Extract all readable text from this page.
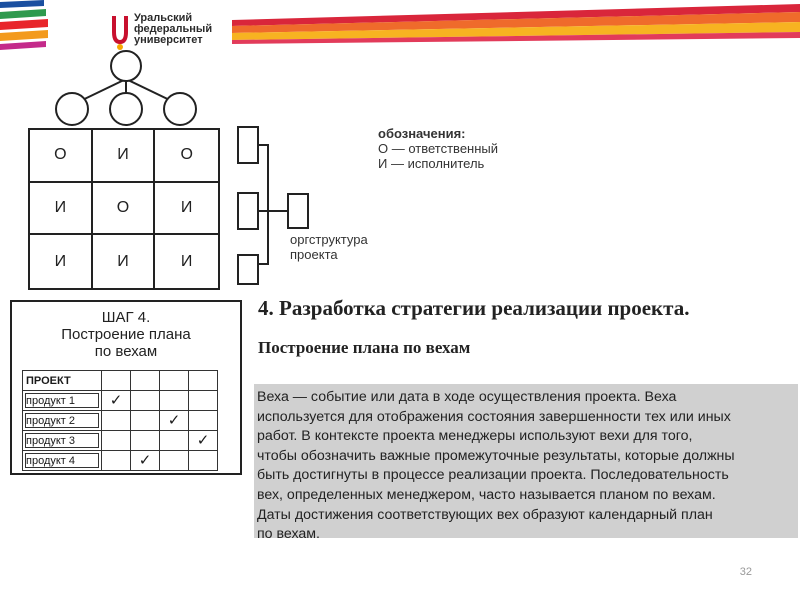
Уральский
федеральный
университет
О	И	О
И	О	И
И	И	И
обозначения:
О — ответственный
И — исполнитель
оргструктура
проекта
ШАГ 4.
Построение плана
по вехам
ПРОЕКТ				
продукт 1	✓			
продукт 2			✓	
продукт 3				✓
продукт 4		✓		
4. Разработка стратегии реализации проекта.
Построение плана по вехам

Веха — событие или дата в ходе осуществления проекта. Веха
используется для отображения состояния завершенности тех или иных
работ. В контексте проекта менеджеры используют вехи для того,
чтобы обозначить важные промежуточные результаты, которые должны
быть достигнуты в процессе реализации проекта. Последовательность
вех, определенных менеджером, часто называется планом по вехам.
Даты достижения соответствующих вех образуют календарный план
по вехам.

32
